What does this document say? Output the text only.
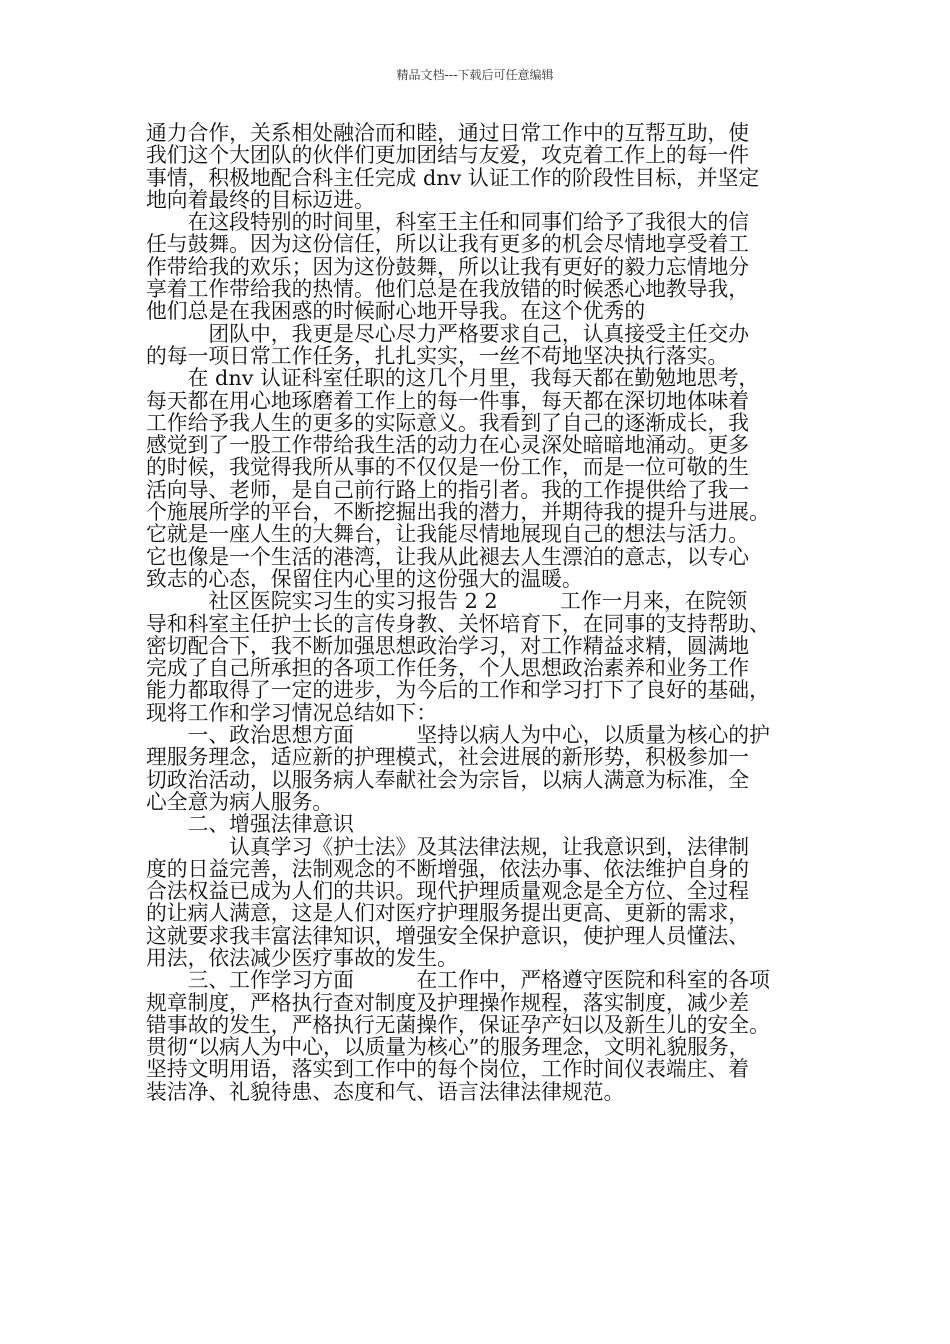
精品文档---下载后可任意编辑
通力合作，关系相处融洽而和睦，通过日常工作中的互帮互助，使
我们这个大团队的伙伴们更加团结与友爱，攻克着工作上的每一件
事情，积极地配合科主任完成 dnv 认证工作的阶段性目标，并坚定
地向着最终的目标迈进。
　　在这段特别的时间里，科室王主任和同事们给予了我很大的信
任与鼓舞。因为这份信任，所以让我有更多的机会尽情地享受着工
作带给我的欢乐；因为这份鼓舞，所以让我有更好的毅力忘情地分
享着工作带给我的热情。他们总是在我放错的时候悉心地教导我，
他们总是在我困惑的时候耐心地开导我。在这个优秀的
　　　团队中，我更是尽心尽力严格要求自己，认真接受主任交办
的每一项日常工作任务，扎扎实实，一丝不苟地坚决执行落实。
　　在 dnv 认证科室任职的这几个月里，我每天都在勤勉地思考，
每天都在用心地琢磨着工作上的每一件事，每天都在深切地体味着
工作给予我人生的更多的实际意义。我看到了自己的逐渐成长，我
感觉到了一股工作带给我生活的动力在心灵深处暗暗地涌动。更多
的时候，我觉得我所从事的不仅仅是一份工作，而是一位可敬的生
活向导、老师，是自己前行路上的指引者。我的工作提供给了我一
个施展所学的平台，不断挖掘出我的潜力，并期待我的提升与进展。
它就是一座人生的大舞台，让我能尽情地展现自己的想法与活力。
它也像是一个生活的港湾，让我从此褪去人生漂泊的意志，以专心
致志的心态，保留住内心里的这份强大的温暖。
　　　社区医院实习生的实习报告 2 2　　　工作一月来，在院领
导和科室主任护士长的言传身教、关怀培育下，在同事的支持帮助、
密切配合下，我不断加强思想政治学习，对工作精益求精，圆满地
完成了自己所承担的各项工作任务，个人思想政治素养和业务工作
能力都取得了一定的进步，为今后的工作和学习打下了良好的基础，
现将工作和学习情况总结如下：
　　一、政治思想方面　　　坚持以病人为中心，以质量为核心的护
理服务理念，适应新的护理模式，社会进展的新形势，积极参加一
切政治活动，以服务病人奉献社会为宗旨，以病人满意为标准，全
心全意为病人服务。
　　二、增强法律意识
　　　　认真学习《护士法》及其法律法规，让我意识到，法律制
度的日益完善，法制观念的不断增强，依法办事、依法维护自身的
合法权益已成为人们的共识。现代护理质量观念是全方位、全过程
的让病人满意，这是人们对医疗护理服务提出更高、更新的需求，
这就要求我丰富法律知识，增强安全保护意识，使护理人员懂法、
用法，依法减少医疗事故的发生。
　　三、工作学习方面　　　在工作中，严格遵守医院和科室的各项
规章制度，严格执行查对制度及护理操作规程，落实制度，减少差
错事故的发生，严格执行无菌操作，保证孕产妇以及新生儿的安全。
贯彻“以病人为中心，以质量为核心”的服务理念，文明礼貌服务，
坚持文明用语，落实到工作中的每个岗位，工作时间仪表端庄、着
装洁净、礼貌待患、态度和气、语言法律法律规范。
